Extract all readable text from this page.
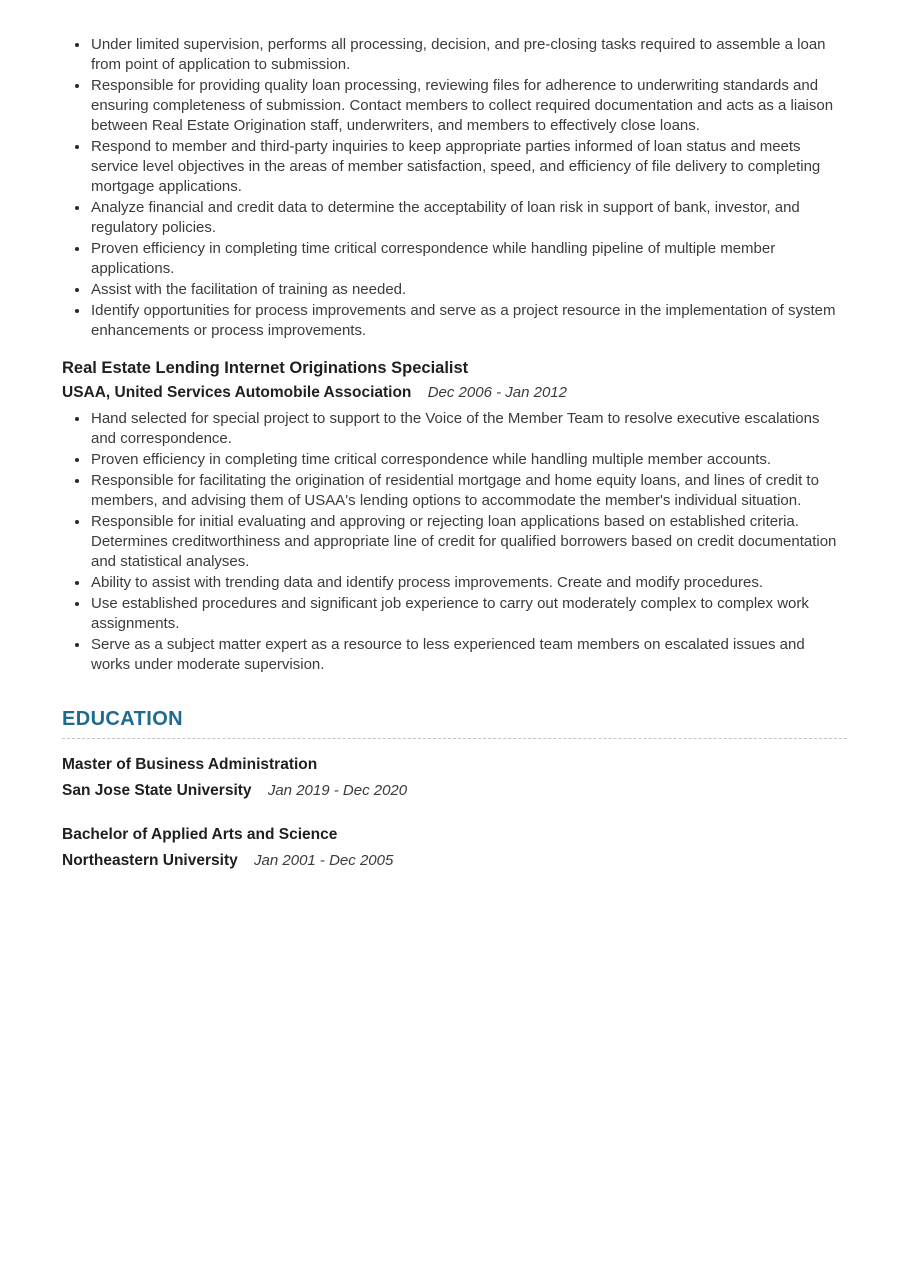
• Under limited supervision, performs all processing, decision, and pre-closing tasks required to assemble a loan from point of application to submission.
• Responsible for providing quality loan processing, reviewing files for adherence to underwriting standards and ensuring completeness of submission. Contact members to collect required documentation and acts as a liaison between Real Estate Origination staff, underwriters, and members to effectively close loans.
• Respond to member and third-party inquiries to keep appropriate parties informed of loan status and meets service level objectives in the areas of member satisfaction, speed, and efficiency of file delivery to completing mortgage applications.
• Analyze financial and credit data to determine the acceptability of loan risk in support of bank, investor, and regulatory policies.
• Proven efficiency in completing time critical correspondence while handling pipeline of multiple member applications.
• Assist with the facilitation of training as needed.
• Identify opportunities for process improvements and serve as a project resource in the implementation of system enhancements or process improvements.
Real Estate Lending Internet Originations Specialist
USAA, United Services Automobile Association Dec 2006 - Jan 2012
• Hand selected for special project to support to the Voice of the Member Team to resolve executive escalations and correspondence.
• Proven efficiency in completing time critical correspondence while handling multiple member accounts.
• Responsible for facilitating the origination of residential mortgage and home equity loans, and lines of credit to members, and advising them of USAA's lending options to accommodate the member's individual situation.
• Responsible for initial evaluating and approving or rejecting loan applications based on established criteria. Determines creditworthiness and appropriate line of credit for qualified borrowers based on credit documentation and statistical analyses.
• Ability to assist with trending data and identify process improvements. Create and modify procedures.
• Use established procedures and significant job experience to carry out moderately complex to complex work assignments.
• Serve as a subject matter expert as a resource to less experienced team members on escalated issues and works under moderate supervision.
EDUCATION
Master of Business Administration
San Jose State University Jan 2019 - Dec 2020
Bachelor of Applied Arts and Science
Northeastern University Jan 2001 - Dec 2005
